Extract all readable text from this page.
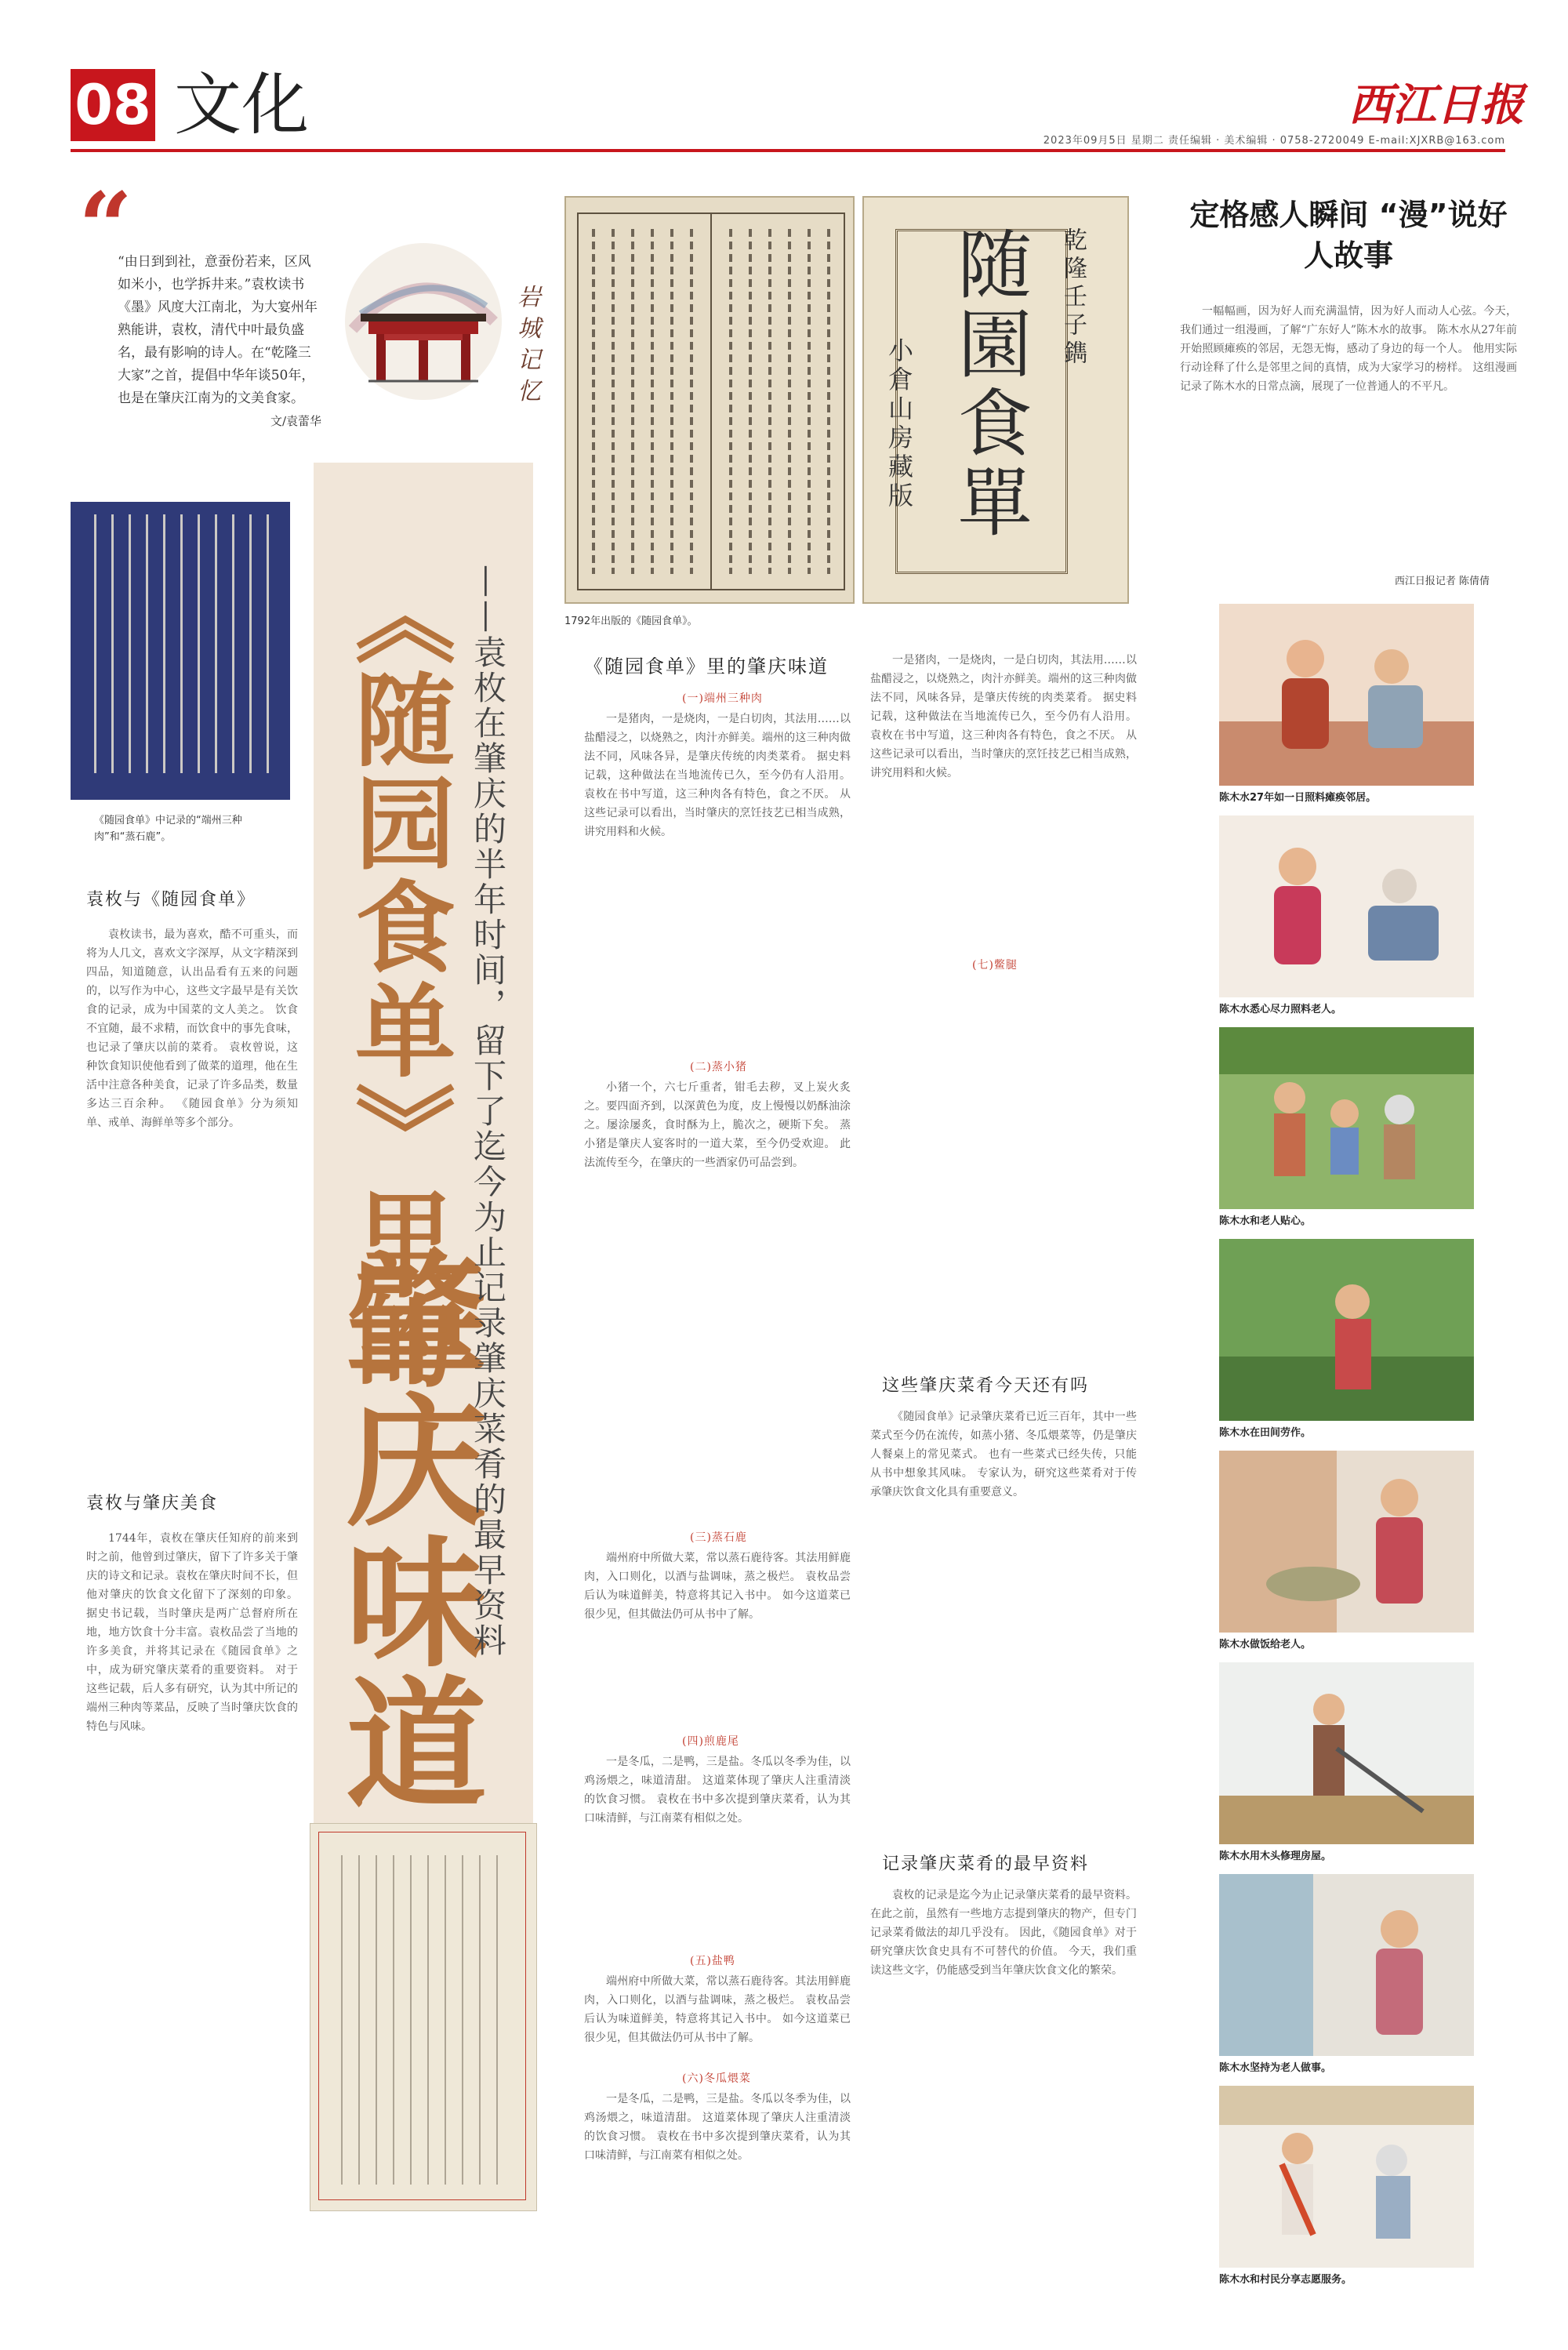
08 文化	西江日报
2023年09月5日 星期二 责任编辑 · 美术编辑 · 0758-2720049 E-mail:XJXRB@163.com
“
“由日到到社，意蚕份若来，区风如米小，也学拆井来。”袁枚读书《墨》风度大江南北，为大宴州年熟能讲，袁枚，清代中叶最负盛名，最有影响的诗人。在“乾隆三大家”之首，提倡中华年谈50年，也是在肇庆江南为的文美食家。
文/袁蕾华
岩城记忆
《随园食单》中记录的“端州三种肉”和“蒸石鹿”。
袁枚与《随园食单》

袁枚读书，最为喜欢，酷不可重头，而将为人几文，喜欢文字深厚，从文字精深到四品，知道随意，认出品看有五来的问题的，以写作为中心，这些文字最早是有关饮食的记录，成为中国菜的文人美之。 饮食不宜随，最不求精，而饮食中的事先食味，也记录了肇庆以前的菜肴。 袁枚曾说，这种饮食知识使他看到了做菜的道理，他在生活中注意各种美食，记录了许多品类，数量多达三百余种。 《随园食单》分为须知单、戒单、海鲜单等多个部分。

袁枚与肇庆美食

1744年，袁枚在肇庆任知府的前来到时之前，他曾到过肇庆，留下了许多关于肇庆的诗文和记录。袁枚在肇庆时间不长，但他对肇庆的饮食文化留下了深刻的印象。 据史书记载，当时肇庆是两广总督府所在地，地方饮食十分丰富。袁枚品尝了当地的许多美食，并将其记录在《随园食单》之中，成为研究肇庆菜肴的重要资料。 对于这些记载，后人多有研究，认为其中所记的端州三种肉等菜品，反映了当时肇庆饮食的特色与风味。

《随园食单》里的
肇庆味道
——袁枚在肇庆的半年时间，留下了迄今为止记录肇庆菜肴的最早资料
随園食單 乾隆壬子鐫
小倉山房藏版
1792年出版的《随园食单》。
《随园食单》里的肇庆味道
(一)端州三种肉

一是猪肉，一是烧肉，一是白切肉，其法用……以盐醋浸之，以烧熟之，肉汁亦鲜美。端州的这三种肉做法不同，风味各异，是肇庆传统的肉类菜肴。 据史料记载，这种做法在当地流传已久，至今仍有人沿用。 袁枚在书中写道，这三种肉各有特色，食之不厌。 从这些记录可以看出，当时肇庆的烹饪技艺已相当成熟，讲究用料和火候。

(二)蒸小猪

小猪一个，六七斤重者，钳毛去秽，叉上炭火炙之。要四面齐到，以深黄色为度，皮上慢慢以奶酥油涂之。屡涂屡炙，食时酥为上，脆次之，硬斯下矣。 蒸小猪是肇庆人宴客时的一道大菜，至今仍受欢迎。 此法流传至今，在肇庆的一些酒家仍可品尝到。

(三)蒸石鹿

端州府中所做大菜，常以蒸石鹿待客。其法用鲜鹿肉，入口则化，以酒与盐调味，蒸之极烂。 袁枚品尝后认为味道鲜美，特意将其记入书中。 如今这道菜已很少见，但其做法仍可从书中了解。

(四)煎鹿尾

一是冬瓜，二是鸭，三是盐。冬瓜以冬季为佳，以鸡汤煨之，味道清甜。 这道菜体现了肇庆人注重清淡的饮食习惯。 袁枚在书中多次提到肇庆菜肴，认为其口味清鲜，与江南菜有相似之处。

(五)盐鸭
(六)冬瓜煨菜
(七)鳖腿

一是猪肉，一是烧肉，一是白切肉，其法用……以盐醋浸之，以烧熟之，肉汁亦鲜美。端州的这三种肉做法不同，风味各异，是肇庆传统的肉类菜肴。 据史料记载，这种做法在当地流传已久，至今仍有人沿用。 袁枚在书中写道，这三种肉各有特色，食之不厌。 从这些记录可以看出，当时肇庆的烹饪技艺已相当成熟，讲究用料和火候。

这些肇庆菜肴今天还有吗

《随园食单》记录肇庆菜肴已近三百年，其中一些菜式至今仍在流传，如蒸小猪、冬瓜煨菜等，仍是肇庆人餐桌上的常见菜式。 也有一些菜式已经失传，只能从书中想象其风味。 专家认为，研究这些菜肴对于传承肇庆饮食文化具有重要意义。

记录肇庆菜肴的最早资料

袁枚的记录是迄今为止记录肇庆菜肴的最早资料。 在此之前，虽然有一些地方志提到肇庆的物产，但专门记录菜肴做法的却几乎没有。 因此，《随园食单》对于研究肇庆饮食史具有不可替代的价值。 今天，我们重读这些文字，仍能感受到当年肇庆饮食文化的繁荣。

端州府中所做大菜，常以蒸石鹿待客。其法用鲜鹿肉，入口则化，以酒与盐调味，蒸之极烂。 袁枚品尝后认为味道鲜美，特意将其记入书中。 如今这道菜已很少见，但其做法仍可从书中了解。

一是冬瓜，二是鸭，三是盐。冬瓜以冬季为佳，以鸡汤煨之，味道清甜。 这道菜体现了肇庆人注重清淡的饮食习惯。 袁枚在书中多次提到肇庆菜肴，认为其口味清鲜，与江南菜有相似之处。

定格感人瞬间 “漫”说好人故事

一幅幅画，因为好人而充满温情，因为好人而动人心弦。今天，我们通过一组漫画，了解“广东好人”陈木水的故事。 陈木水从27年前开始照顾瘫痪的邻居，无怨无悔，感动了身边的每一个人。 他用实际行动诠释了什么是邻里之间的真情，成为大家学习的榜样。 这组漫画记录了陈木水的日常点滴，展现了一位普通人的不平凡。

西江日报记者 陈倩倩
陈木水27年如一日照料瘫痪邻居。
陈木水悉心尽力照料老人。
陈木水和老人贴心。
陈木水在田间劳作。
陈木水做饭给老人。
陈木水用木头修理房屋。
陈木水坚持为老人做事。
陈木水和村民分享志愿服务。
